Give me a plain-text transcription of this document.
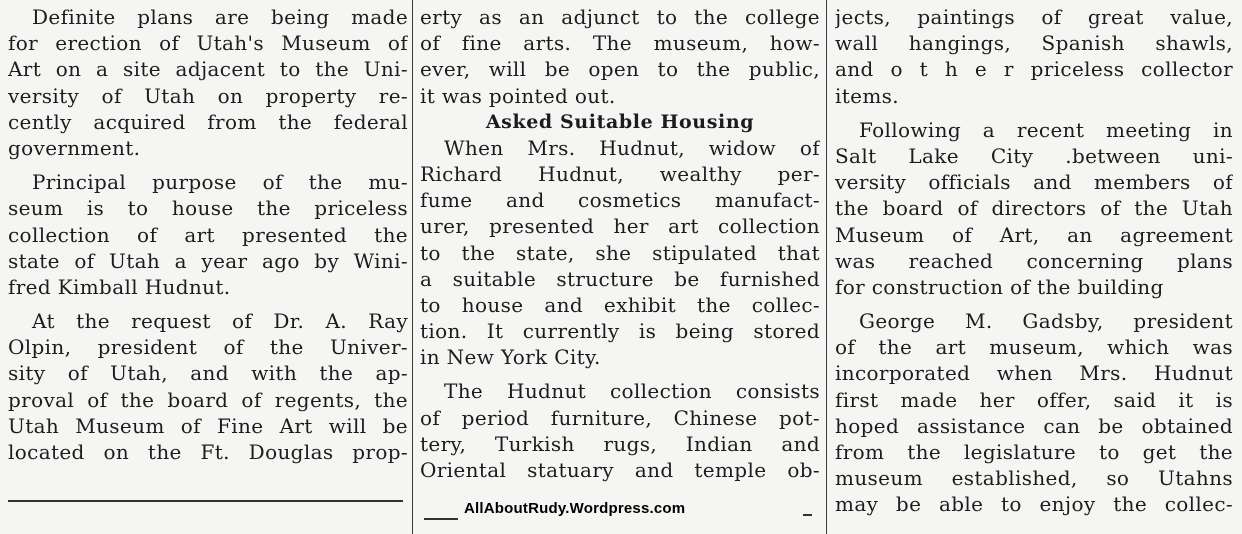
Definite plans are being made
for erection of Utah's Museum of
Art on a site adjacent to the Uni-
versity of Utah on property re-
cently acquired from the federal
government.
Principal purpose of the mu-
seum is to house the priceless
collection of art presented the
state of Utah a year ago by Wini-
fred Kimball Hudnut.
At the request of Dr. A. Ray
Olpin, president of the Univer-
sity of Utah, and with the ap-
proval of the board of regents, the
Utah Museum of Fine Art will be
located on the Ft. Douglas prop-
erty as an adjunct to the college
of fine arts. The museum, how-
ever, will be open to the public,
it was pointed out.
Asked Suitable Housing
When Mrs. Hudnut, widow of
Richard Hudnut, wealthy per-
fume and cosmetics manufact-
urer, presented her art collection
to the state, she stipulated that
a suitable structure be furnished
to house and exhibit the collec-
tion. It currently is being stored
in New York City.
The Hudnut collection consists
of period furniture, Chinese pot-
tery, Turkish rugs, Indian and
Oriental statuary and temple ob-
jects, paintings of great value,
wall hangings, Spanish shawls,
and o t h e r priceless collector
items.
Following a recent meeting in
Salt Lake City .between uni-
versity officials and members of
the board of directors of the Utah
Museum of Art, an agreement
was reached concerning plans
for construction of the building
George M. Gadsby, president
of the art museum, which was
incorporated when Mrs. Hudnut
first made her offer, said it is
hoped assistance can be obtained
from the legislature to get the
museum established, so Utahns
may be able to enjoy the collec-
AllAboutRudy.Wordpress.com
